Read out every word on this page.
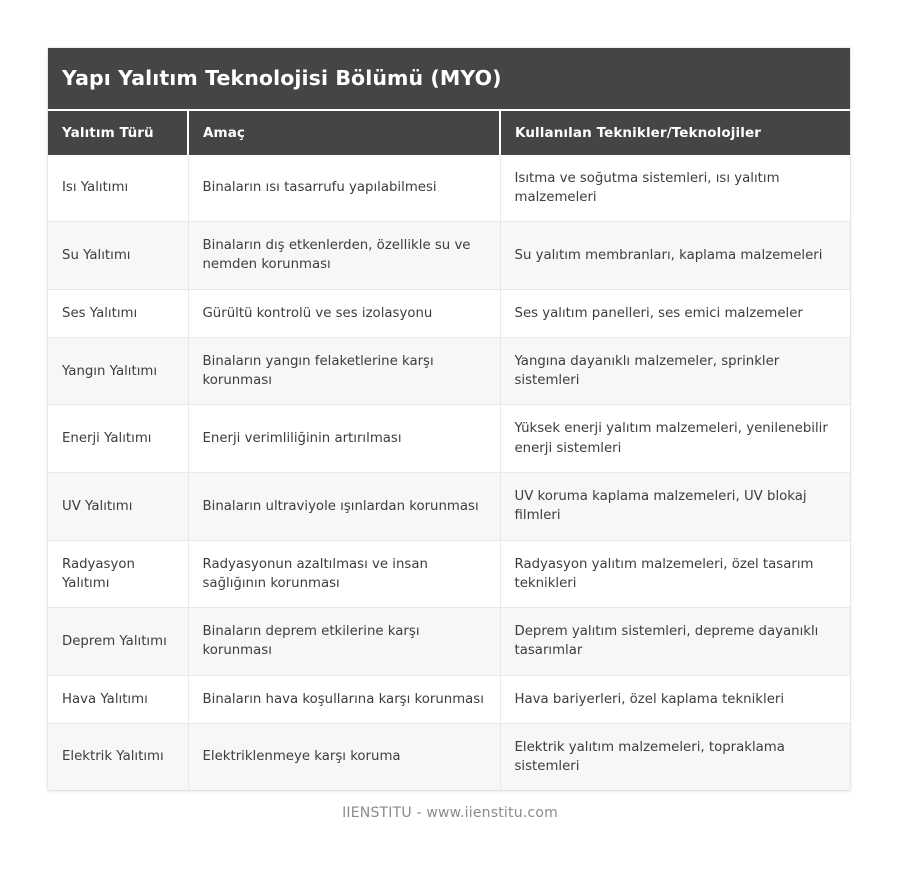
Yapı Yalıtım Teknolojisi Bölümü (MYO)
Yalıtım Türü	Amaç	Kullanılan Teknikler/Teknolojiler
Isı Yalıtımı	Binaların ısı tasarrufu yapılabilmesi	Isıtma ve soğutma sistemleri, ısı yalıtım malzemeleri
Su Yalıtımı	Binaların dış etkenlerden, özellikle su ve nemden korunması	Su yalıtım membranları, kaplama malzemeleri
Ses Yalıtımı	Gürültü kontrolü ve ses izolasyonu	Ses yalıtım panelleri, ses emici malzemeler
Yangın Yalıtımı	Binaların yangın felaketlerine karşı korunması	Yangına dayanıklı malzemeler, sprinkler sistemleri
Enerji Yalıtımı	Enerji verimliliğinin artırılması	Yüksek enerji yalıtım malzemeleri, yenilenebilir enerji sistemleri
UV Yalıtımı	Binaların ultraviyole ışınlardan korunması	UV koruma kaplama malzemeleri, UV blokaj filmleri
Radyasyon Yalıtımı	Radyasyonun azaltılması ve insan sağlığının korunması	Radyasyon yalıtım malzemeleri, özel tasarım teknikleri
Deprem Yalıtımı	Binaların deprem etkilerine karşı korunması	Deprem yalıtım sistemleri, depreme dayanıklı tasarımlar
Hava Yalıtımı	Binaların hava koşullarına karşı korunması	Hava bariyerleri, özel kaplama teknikleri
Elektrik Yalıtımı	Elektriklenmeye karşı koruma	Elektrik yalıtım malzemeleri, topraklama sistemleri
IIENSTITU - www.iienstitu.com
